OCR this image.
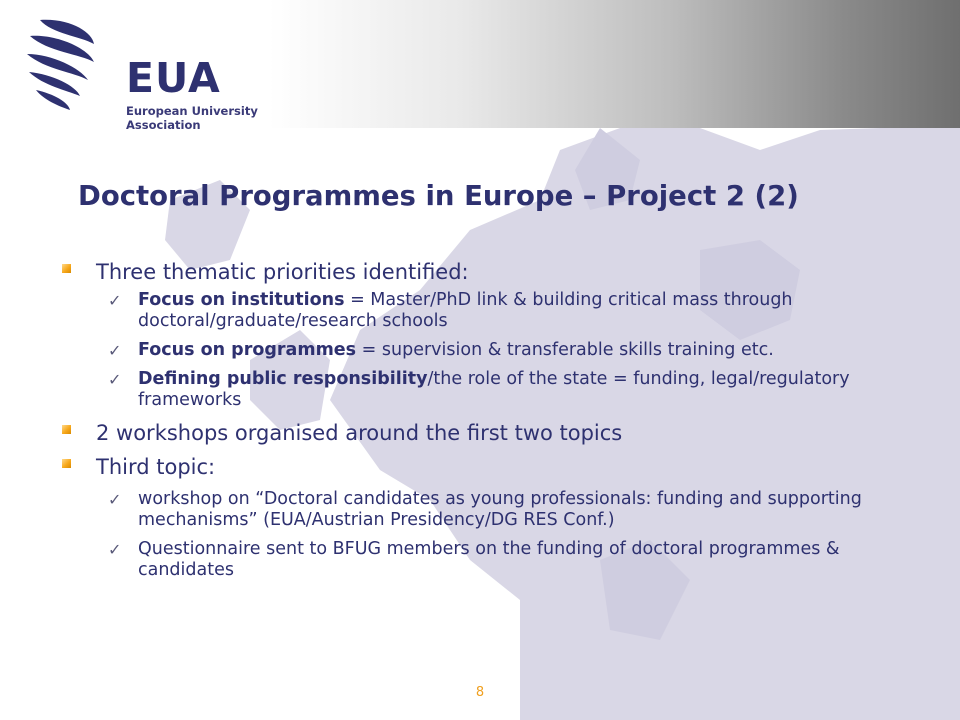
EUA
European University Association
Doctoral Programmes in Europe – Project 2 (2)
Three thematic priorities identified:
✓ Focus on institutions = Master/PhD link & building critical mass through doctoral/graduate/research schools
✓ Focus on programmes = supervision & transferable skills training etc.
✓ Defining public responsibility/the role of the state = funding, legal/regulatory frameworks
2 workshops organised around the first two topics
Third topic:
✓ workshop on “Doctoral candidates as young professionals: funding and supporting mechanisms” (EUA/Austrian Presidency/DG RES Conf.)
✓ Questionnaire sent to BFUG members on the funding of doctoral programmes & candidates
8
